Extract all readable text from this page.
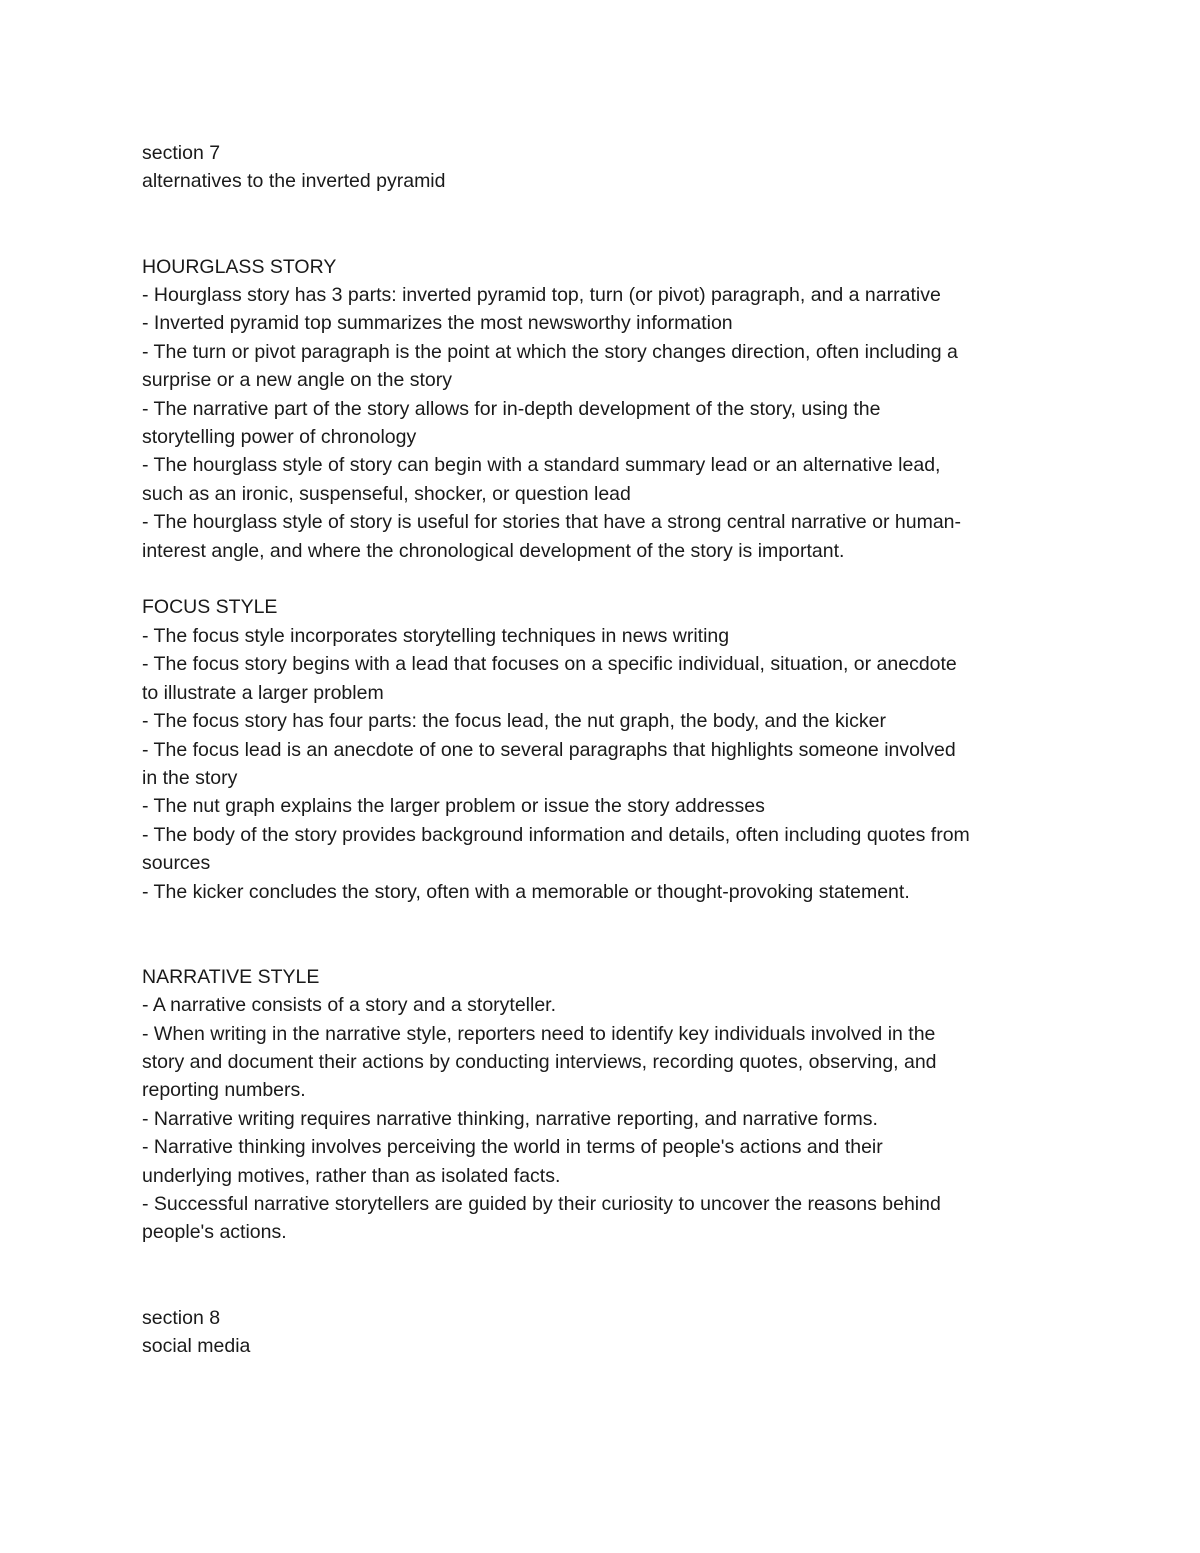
section 7
alternatives to the inverted pyramid
HOURGLASS STORY
- Hourglass story has 3 parts: inverted pyramid top, turn (or pivot) paragraph, and a narrative
- Inverted pyramid top summarizes the most newsworthy information
- The turn or pivot paragraph is the point at which the story changes direction, often including a
surprise or a new angle on the story
- The narrative part of the story allows for in-depth development of the story, using the
storytelling power of chronology
- The hourglass style of story can begin with a standard summary lead or an alternative lead,
such as an ironic, suspenseful, shocker, or question lead
- The hourglass style of story is useful for stories that have a strong central narrative or human-
interest angle, and where the chronological development of the story is important.
FOCUS STYLE
- The focus style incorporates storytelling techniques in news writing
- The focus story begins with a lead that focuses on a specific individual, situation, or anecdote
to illustrate a larger problem
- The focus story has four parts: the focus lead, the nut graph, the body, and the kicker
- The focus lead is an anecdote of one to several paragraphs that highlights someone involved
in the story
- The nut graph explains the larger problem or issue the story addresses
- The body of the story provides background information and details, often including quotes from
sources
- The kicker concludes the story, often with a memorable or thought-provoking statement.
NARRATIVE STYLE
- A narrative consists of a story and a storyteller.
- When writing in the narrative style, reporters need to identify key individuals involved in the
story and document their actions by conducting interviews, recording quotes, observing, and
reporting numbers.
- Narrative writing requires narrative thinking, narrative reporting, and narrative forms.
- Narrative thinking involves perceiving the world in terms of people's actions and their
underlying motives, rather than as isolated facts.
- Successful narrative storytellers are guided by their curiosity to uncover the reasons behind
people's actions.
section 8
social media
